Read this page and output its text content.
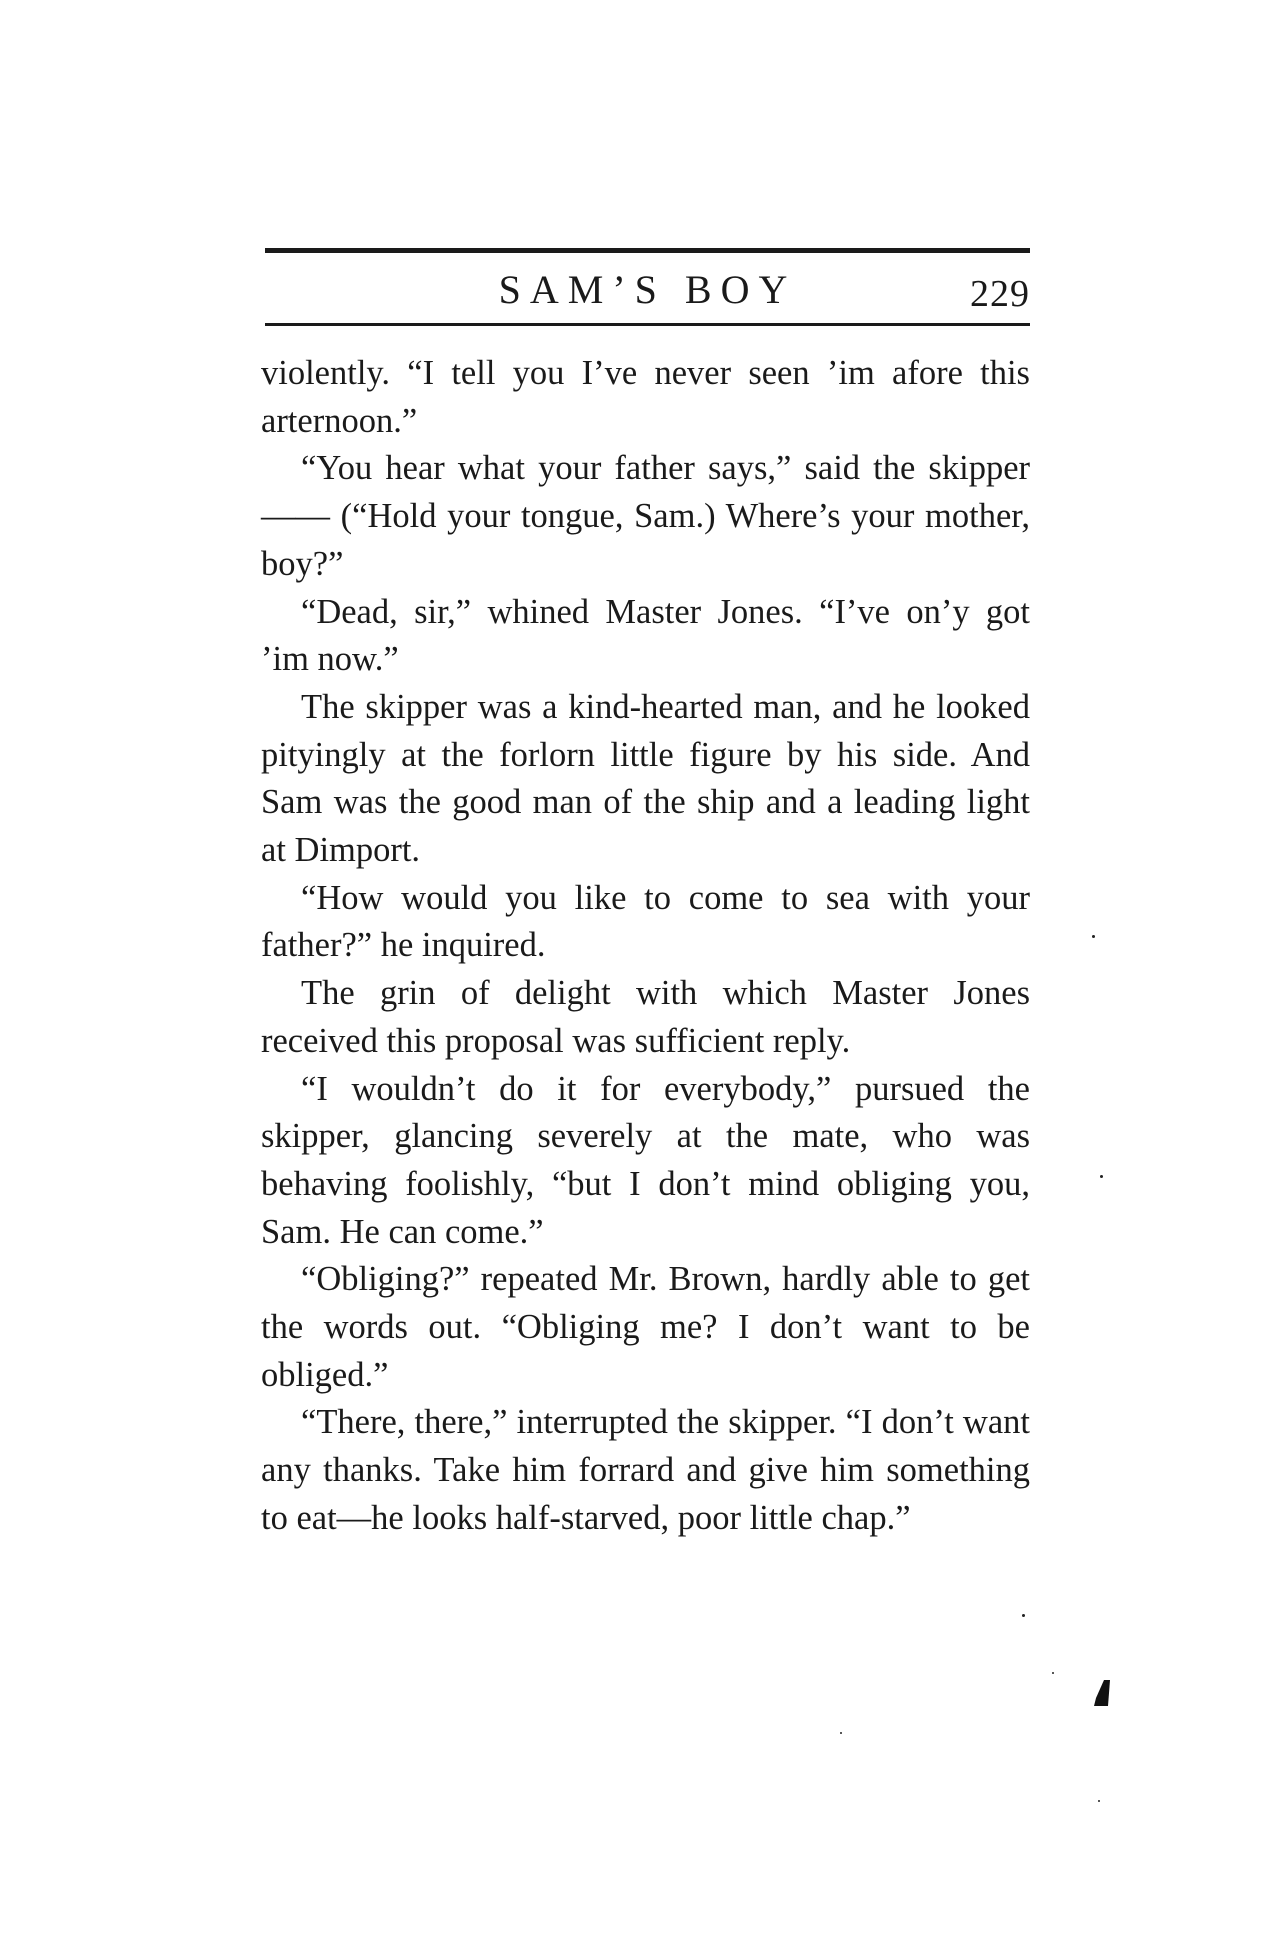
SAM’S BOY	229

violently. “I tell you I’ve never seen ’im afore this arternoon.”

“You hear what your father says,” said the skipper—— (“Hold your tongue, Sam.) Where’s your mother, boy?”

“Dead, sir,” whined Master Jones. “I’ve on’y got ’im now.”

The skipper was a kind-hearted man, and he looked pityingly at the forlorn little figure by his side. And Sam was the good man of the ship and a leading light at Dimport.

“How would you like to come to sea with your father?” he inquired.

The grin of delight with which Master Jones received this proposal was sufficient reply.

“I wouldn’t do it for everybody,” pursued the skipper, glancing severely at the mate, who was behaving foolishly, “but I don’t mind obliging you, Sam. He can come.”

“Obliging?” repeated Mr. Brown, hardly able to get the words out. “Obliging me? I don’t want to be obliged.”

“There, there,” interrupted the skipper. “I don’t want any thanks. Take him forrard and give him something to eat—he looks half-starved, poor little chap.”
